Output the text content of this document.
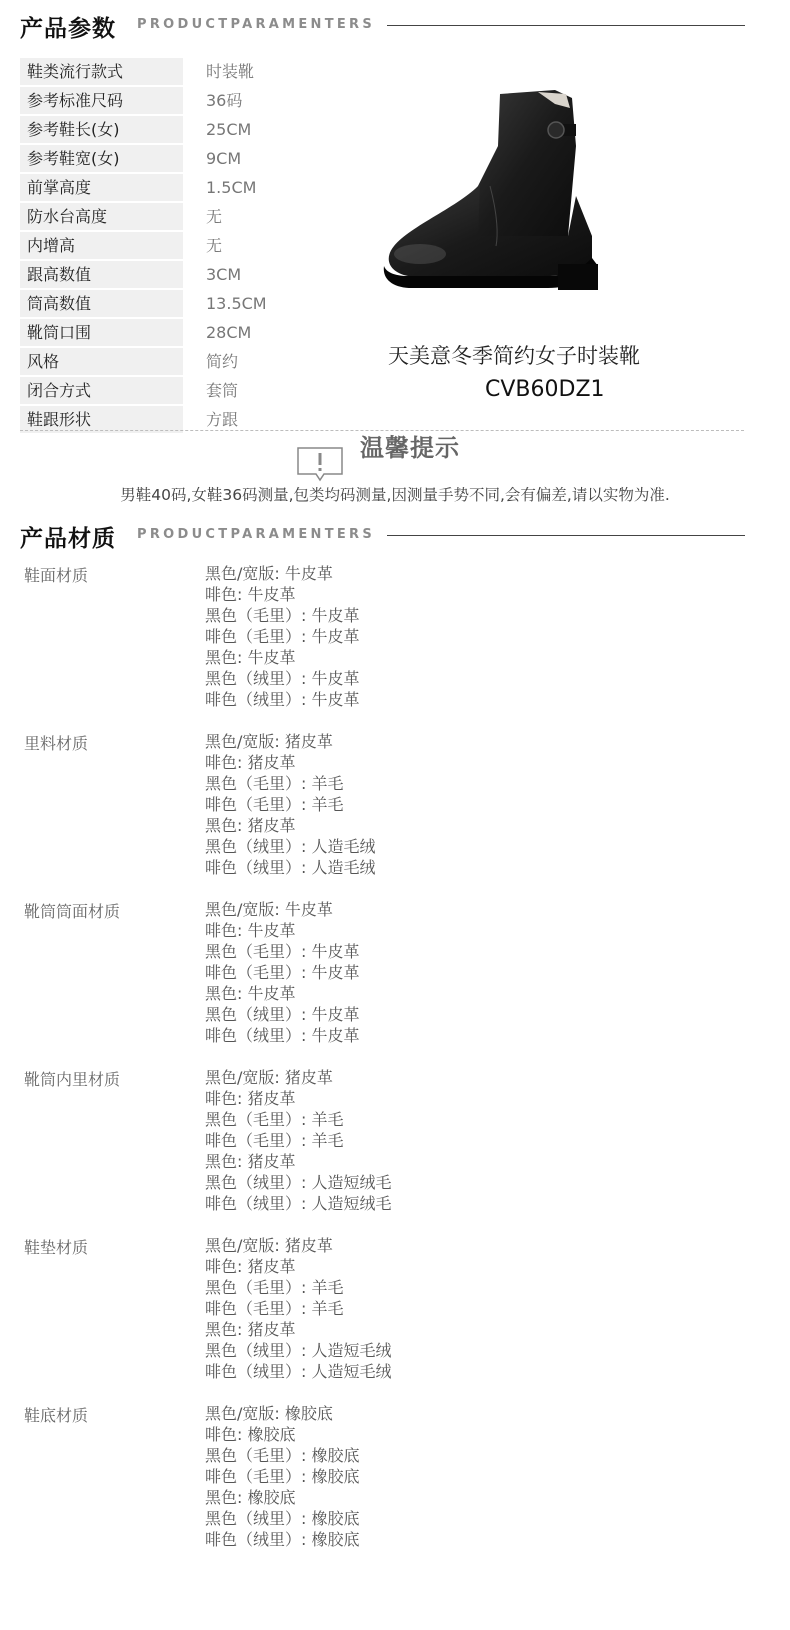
产品参数 PRODUCTPARAMENTERS
鞋类流行款式	时装靴
参考标准尺码	36码
参考鞋长(女)	25CM
参考鞋宽(女)	9CM
前掌高度	1.5CM
防水台高度	无
内增高	无
跟高数值	3CM
筒高数值	13.5CM
靴筒口围	28CM
风格	简约
闭合方式	套筒
鞋跟形状	方跟
天美意冬季简约女子时装靴
CVB60DZ1
温馨提示
男鞋40码,女鞋36码测量,包类均码测量,因测量手势不同,会有偏差,请以实物为准.
产品材质 PRODUCTPARAMENTERS
鞋面材质	黑色/宽版: 牛皮革
啡色: 牛皮革
黑色（毛里）: 牛皮革
啡色（毛里）: 牛皮革
黑色: 牛皮革
黑色（绒里）: 牛皮革
啡色（绒里）: 牛皮革
里料材质	黑色/宽版: 猪皮革
啡色: 猪皮革
黑色（毛里）: 羊毛
啡色（毛里）: 羊毛
黑色: 猪皮革
黑色（绒里）: 人造毛绒
啡色（绒里）: 人造毛绒
靴筒筒面材质	黑色/宽版: 牛皮革
啡色: 牛皮革
黑色（毛里）: 牛皮革
啡色（毛里）: 牛皮革
黑色: 牛皮革
黑色（绒里）: 牛皮革
啡色（绒里）: 牛皮革
靴筒内里材质	黑色/宽版: 猪皮革
啡色: 猪皮革
黑色（毛里）: 羊毛
啡色（毛里）: 羊毛
黑色: 猪皮革
黑色（绒里）: 人造短绒毛
啡色（绒里）: 人造短绒毛
鞋垫材质	黑色/宽版: 猪皮革
啡色: 猪皮革
黑色（毛里）: 羊毛
啡色（毛里）: 羊毛
黑色: 猪皮革
黑色（绒里）: 人造短毛绒
啡色（绒里）: 人造短毛绒
鞋底材质	黑色/宽版: 橡胶底
啡色: 橡胶底
黑色（毛里）: 橡胶底
啡色（毛里）: 橡胶底
黑色: 橡胶底
黑色（绒里）: 橡胶底
啡色（绒里）: 橡胶底
